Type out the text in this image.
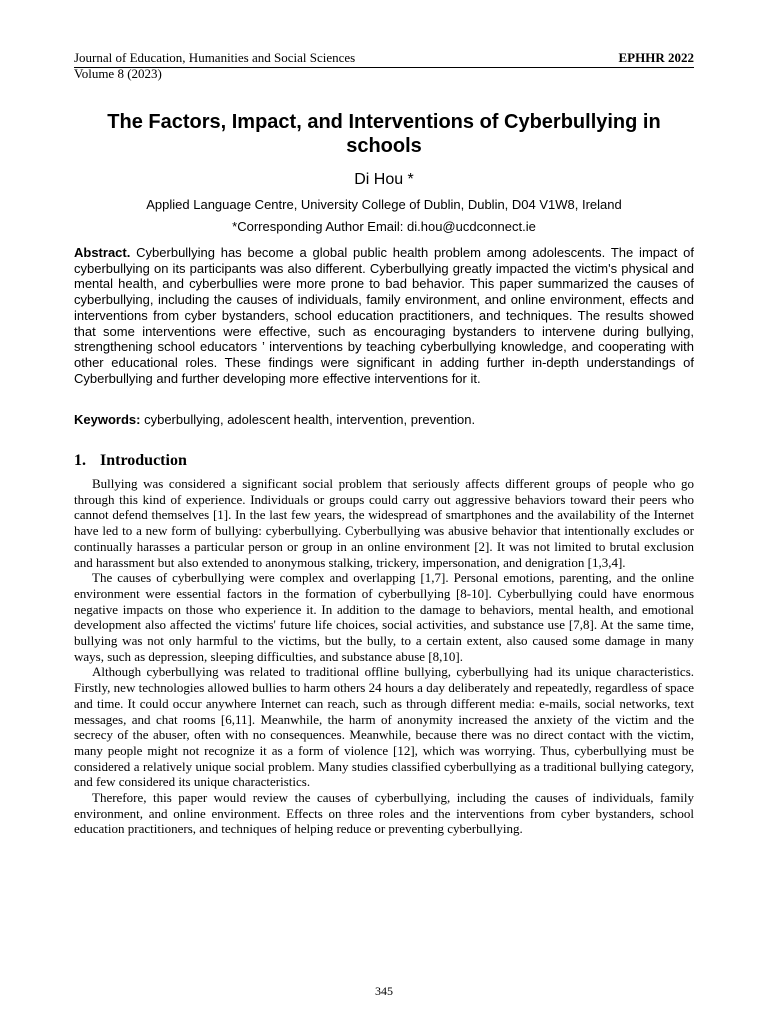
Journal of Education, Humanities and Social Sciences	EPHHR 2022
Volume 8 (2023)
The Factors, Impact, and Interventions of Cyberbullying in schools
Di Hou *
Applied Language Centre, University College of Dublin, Dublin, D04 V1W8, Ireland
*Corresponding Author Email: di.hou@ucdconnect.ie

Abstract. Cyberbullying has become a global public health problem among adolescents. The impact of cyberbullying on its participants was also different. Cyberbullying greatly impacted the victim's physical and mental health, and cyberbullies were more prone to bad behavior. This paper summarized the causes of cyberbullying, including the causes of individuals, family environment, and online environment, effects and interventions from cyber bystanders, school education practitioners, and techniques. The results showed that some interventions were effective, such as encouraging bystanders to intervene during bullying, strengthening school educators ’ interventions by teaching cyberbullying knowledge, and cooperating with other educational roles. These findings were significant in adding further in-depth understandings of Cyberbullying and further developing more effective interventions for it.

Keywords: cyberbullying, adolescent health, intervention, prevention.

1. Introduction

Bullying was considered a significant social problem that seriously affects different groups of people who go through this kind of experience. Individuals or groups could carry out aggressive behaviors toward their peers who cannot defend themselves [1]. In the last few years, the widespread of smartphones and the availability of the Internet have led to a new form of bullying: cyberbullying. Cyberbullying was abusive behavior that intentionally excludes or continually harasses a particular person or group in an online environment [2]. It was not limited to brutal exclusion and harassment but also extended to anonymous stalking, trickery, impersonation, and denigration [1,3,4].

The causes of cyberbullying were complex and overlapping [1,7]. Personal emotions, parenting, and the online environment were essential factors in the formation of cyberbullying [8-10]. Cyberbullying could have enormous negative impacts on those who experience it. In addition to the damage to behaviors, mental health, and emotional development also affected the victims' future life choices, social activities, and substance use [7,8]. At the same time, bullying was not only harmful to the victims, but the bully, to a certain extent, also caused some damage in many ways, such as depression, sleeping difficulties, and substance abuse [8,10].

Although cyberbullying was related to traditional offline bullying, cyberbullying had its unique characteristics. Firstly, new technologies allowed bullies to harm others 24 hours a day deliberately and repeatedly, regardless of space and time. It could occur anywhere Internet can reach, such as through different media: e-mails, social networks, text messages, and chat rooms [6,11]. Meanwhile, the harm of anonymity increased the anxiety of the victim and the secrecy of the abuser, often with no consequences. Meanwhile, because there was no direct contact with the victim, many people might not recognize it as a form of violence [12], which was worrying. Thus, cyberbullying must be considered a relatively unique social problem. Many studies classified cyberbullying as a traditional bullying category, and few considered its unique characteristics.

Therefore, this paper would review the causes of cyberbullying, including the causes of individuals, family environment, and online environment. Effects on three roles and the interventions from cyber bystanders, school education practitioners, and techniques of helping reduce or preventing cyberbullying.

345
